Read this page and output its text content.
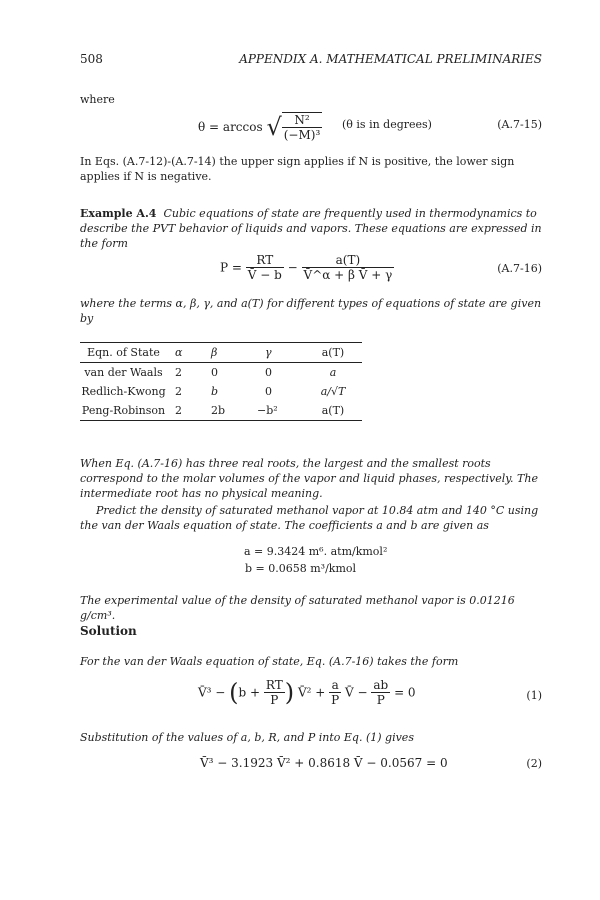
508	APPENDIX A. MATHEMATICAL PRELIMINARIES
where
θ = arccos √ $\frac{\text{N²}}{\text{(−M)³}} (\theta$ is in degrees)	(A.7-15)
In Eqs. (A.7-12)-(A.7-14) the upper sign applies if N is positive, the lower sign applies if N is negative.
Example A.4 Cubic equations of state are frequently used in thermodynamics to describe the PVT behavior of liquids and vapors. These equations are expressed in the form
$P = \frac{RT}{V̄ - b} - \frac{a(T)}{\text{V̄\textasciicircum{}α + β V̄ + γ}}$	(A.7-16)
where the terms α, β, γ, and a(T) for different types of equations of state are given by
Eqn. of State	α	β	γ	a(T)
van der Waals	2	0	0	a
Redlich-Kwong	2	b	0	a/√T
Peng-Robinson	2	2b	−b²	a(T)
When Eq. (A.7-16) has three real roots, the largest and the smallest roots correspond to the molar volumes of the vapor and liquid phases, respectively. The intermediate root has no physical meaning.
Predict the density of saturated methanol vapor at 10.84 atm and 140 °C using the van der Waals equation of state. The coefficients a and b are given as
a = 9.3424 m⁶. atm/kmol²
b = 0.0658 m³/kmol
The experimental value of the density of saturated methanol vapor is 0.01216 g/cm³.
Solution
For the van der Waals equation of state, Eq. (A.7-16) takes the form
V̄³ − ($b + \frac{RT}{P}$ ) V̄² + $\frac{a}{P}$ V̄ − $\frac{ab}{P} = 0$	(1)
Substitution of the values of a, b, R, and P into Eq. (1) gives
V̄³ − 3.1923 V̄² + 0.8618 V̄ − 0.0567 = 0	(2)
